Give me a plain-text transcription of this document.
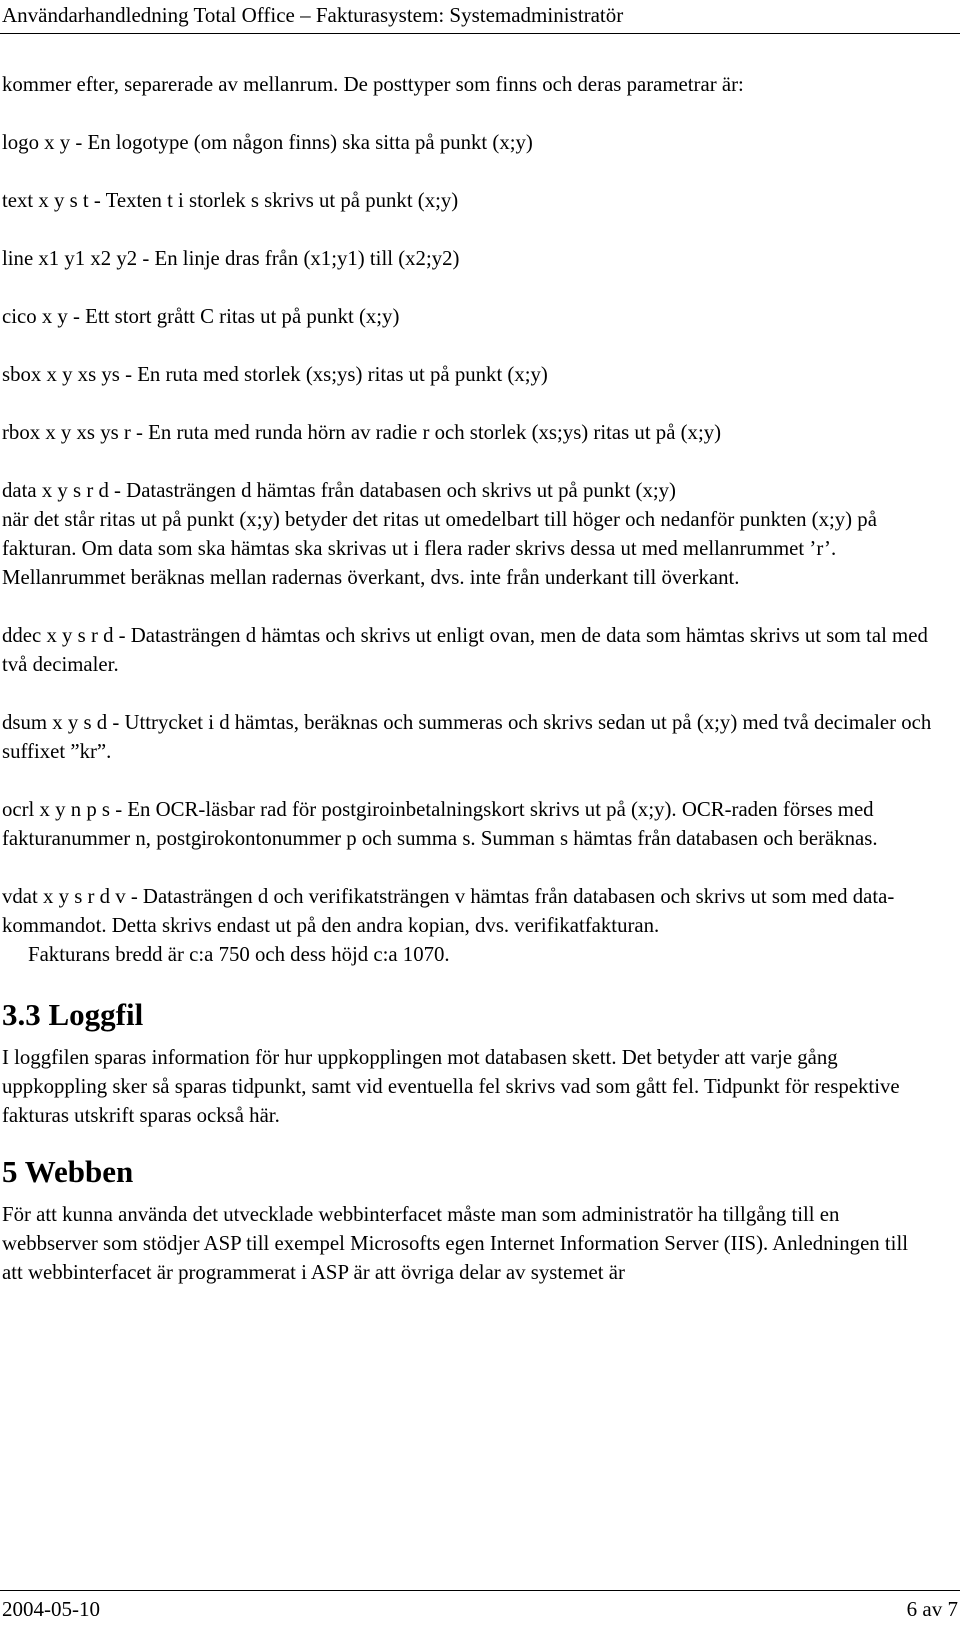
Användarhandledning Total Office – Fakturasystem: Systemadministratör

kommer efter, separerade av mellanrum. De posttyper som finns och deras parametrar är:

logo x y - En logotype (om någon finns) ska sitta på punkt (x;y)

text x y s t - Texten t i storlek s skrivs ut på punkt (x;y)

line x1 y1 x2 y2 - En linje dras från (x1;y1) till (x2;y2)

cico x y - Ett stort grått C ritas ut på punkt (x;y)

sbox x y xs ys - En ruta med storlek (xs;ys) ritas ut på punkt (x;y)

rbox x y xs ys r - En ruta med runda hörn av radie r och storlek (xs;ys) ritas ut på (x;y)

data x y s r d - Datasträngen d hämtas från databasen och skrivs ut på punkt (x;y)

när det står ritas ut på punkt (x;y) betyder det ritas ut omedelbart till höger och nedanför punkten (x;y) på fakturan. Om data som ska hämtas ska skrivas ut i flera rader skrivs dessa ut med mellanrummet ’r’. Mellanrummet beräknas mellan radernas överkant, dvs. inte från underkant till överkant.

ddec x y s r d - Datasträngen d hämtas och skrivs ut enligt ovan, men de data som hämtas skrivs ut som tal med två decimaler.

dsum x y s d - Uttrycket i d hämtas, beräknas och summeras och skrivs sedan ut på (x;y) med två decimaler och suffixet ”kr”.

ocrl x y n p s - En OCR-läsbar rad för postgiroinbetalningskort skrivs ut på (x;y). OCR-raden förses med fakturanummer n, postgirokontonummer p och summa s. Summan s hämtas från databasen och beräknas.

vdat x y s r d v - Datasträngen d och verifikatsträngen v hämtas från databasen och skrivs ut som med data-kommandot. Detta skrivs endast ut på den andra kopian, dvs. verifikatfakturan.

Fakturans bredd är c:a 750 och dess höjd c:a 1070.

3.3 Loggfil

I loggfilen sparas information för hur uppkopplingen mot databasen skett. Det betyder att varje gång uppkoppling sker så sparas tidpunkt, samt vid eventuella fel skrivs vad som gått fel. Tidpunkt för respektive fakturas utskrift sparas också här.

5 Webben

För att kunna använda det utvecklade webbinterfacet måste man som administratör ha tillgång till en webbserver som stödjer ASP till exempel Microsofts egen Internet Information Server (IIS). Anledningen till att webbinterfacet är programmerat i ASP är att övriga delar av systemet är

2004-05-10	6 av 7
